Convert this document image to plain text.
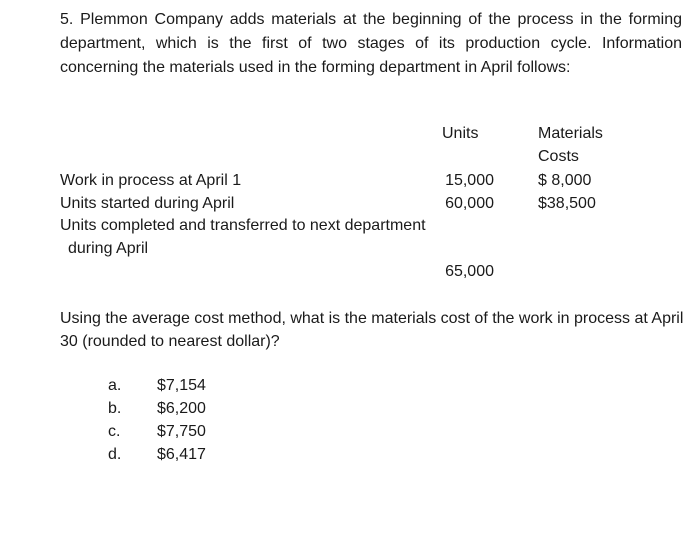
5. Plemmon Company adds materials at the beginning of the process in the forming department, which is the first of two stages of its production cycle. Information concerning the materials used in the forming department in April follows:
Units	Materials
Costs
Work in process at April 1	15,000	$ 8,000
Units started during April	60,000	$38,500
Units completed and transferred to next department
during April
65,000
Using the average cost method, what is the materials cost of the work in process at April 30 (rounded to nearest dollar)?
a.	$7,154
b.	$6,200
c.	$7,750
d.	$6,417
